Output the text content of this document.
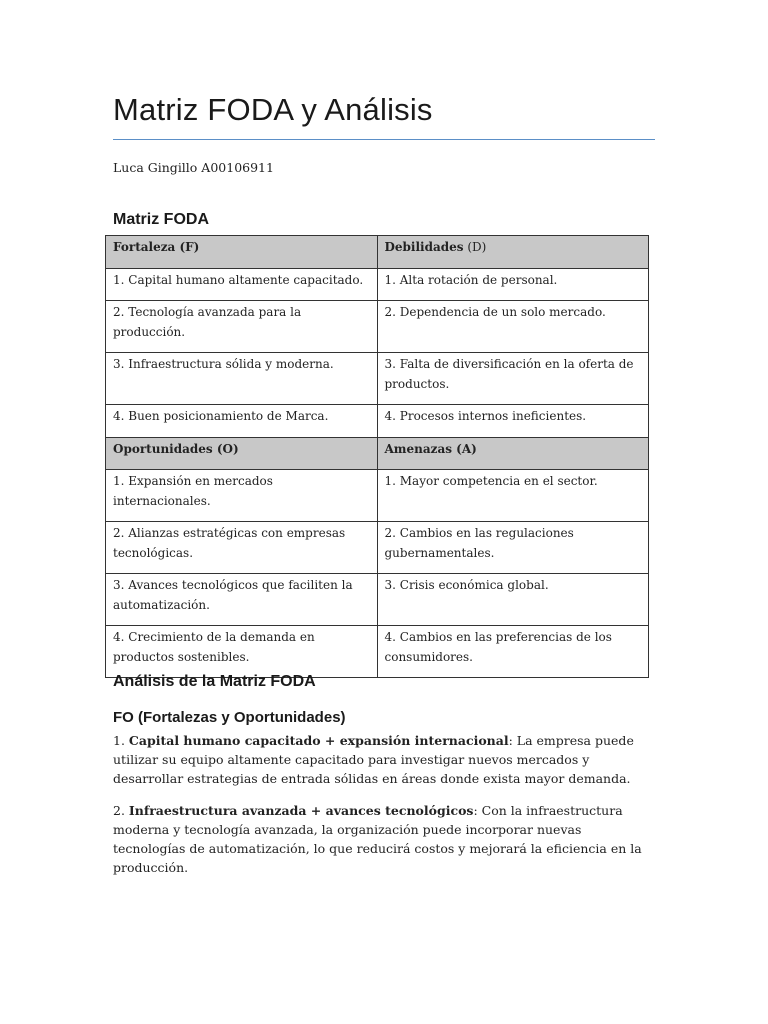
Matriz FODA y Análisis
Luca Gingillo A00106911
Matriz FODA
Fortaleza (F)	Debilidades (D)
1. Capital humano altamente capacitado.	1. Alta rotación de personal.
2. Tecnología avanzada para la producción.	2. Dependencia de un solo mercado.
3. Infraestructura sólida y moderna.	3. Falta de diversificación en la oferta de productos.
4. Buen posicionamiento de Marca.	4. Procesos internos ineficientes.
Oportunidades (O)	Amenazas (A)
1. Expansión en mercados internacionales.	1. Mayor competencia en el sector.
2. Alianzas estratégicas con empresas tecnológicas.	2. Cambios en las regulaciones gubernamentales.
3. Avances tecnológicos que faciliten la automatización.	3. Crisis económica global.
4. Crecimiento de la demanda en productos sostenibles.	4. Cambios en las preferencias de los consumidores.
Análisis de la Matriz FODA
FO (Fortalezas y Oportunidades)

1. Capital humano capacitado + expansión internacional: La empresa puede utilizar su equipo altamente capacitado para investigar nuevos mercados y desarrollar estrategias de entrada sólidas en áreas donde exista mayor demanda.

2. Infraestructura avanzada + avances tecnológicos: Con la infraestructura moderna y tecnología avanzada, la organización puede incorporar nuevas tecnologías de automatización, lo que reducirá costos y mejorará la eficiencia en la producción.
